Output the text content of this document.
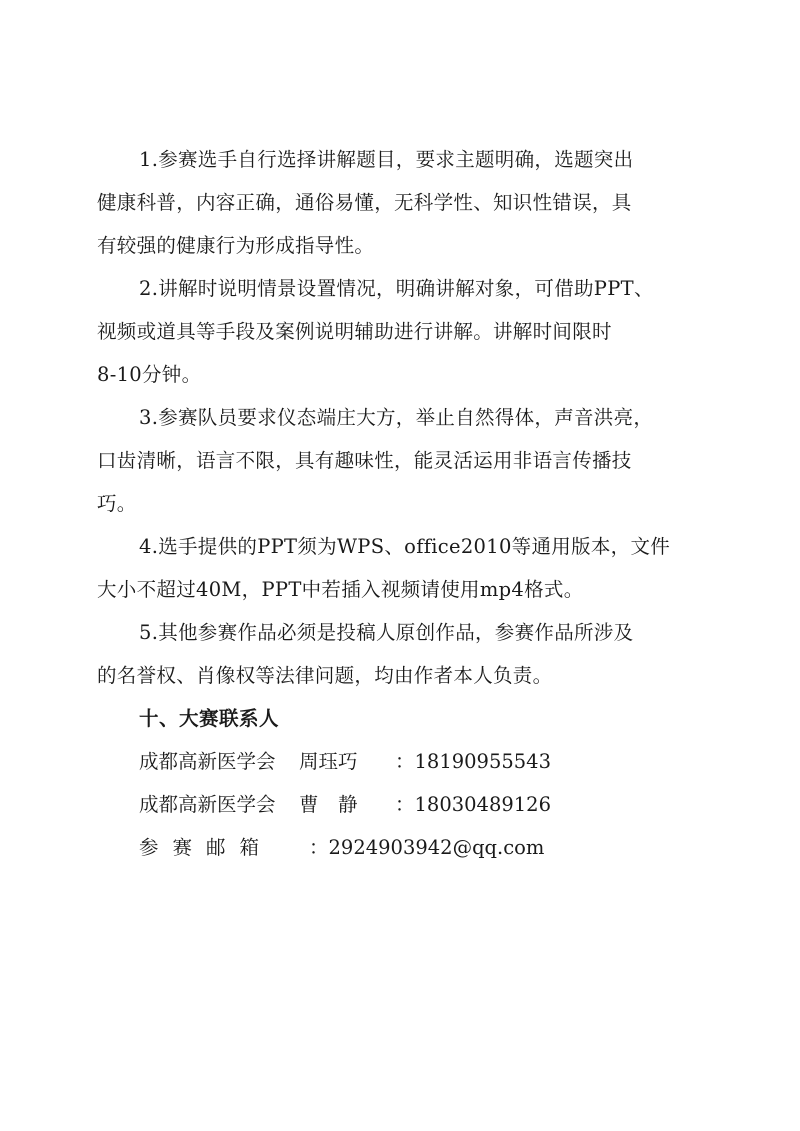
1.参赛选手自行选择讲解题目，要求主题明确，选题突出
健康科普，内容正确，通俗易懂，无科学性、知识性错误，具
有较强的健康行为形成指导性。
2.讲解时说明情景设置情况，明确讲解对象，可借助PPT、
视频或道具等手段及案例说明辅助进行讲解。讲解时间限时
8-10分钟。
3.参赛队员要求仪态端庄大方，举止自然得体，声音洪亮，
口齿清晰，语言不限，具有趣味性，能灵活运用非语言传播技
巧。
4.选手提供的PPT须为WPS、office2010等通用版本，文件
大小不超过40M，PPT中若插入视频请使用mp4格式。
5.其他参赛作品必须是投稿人原创作品，参赛作品所涉及
的名誉权、肖像权等法律问题，均由作者本人负责。
十、大赛联系人
成都高新医学会 周珏巧 ：18190955543
成都高新医学会 曹　静 ：18030489126
参赛邮箱 ：2924903942@qq.com
